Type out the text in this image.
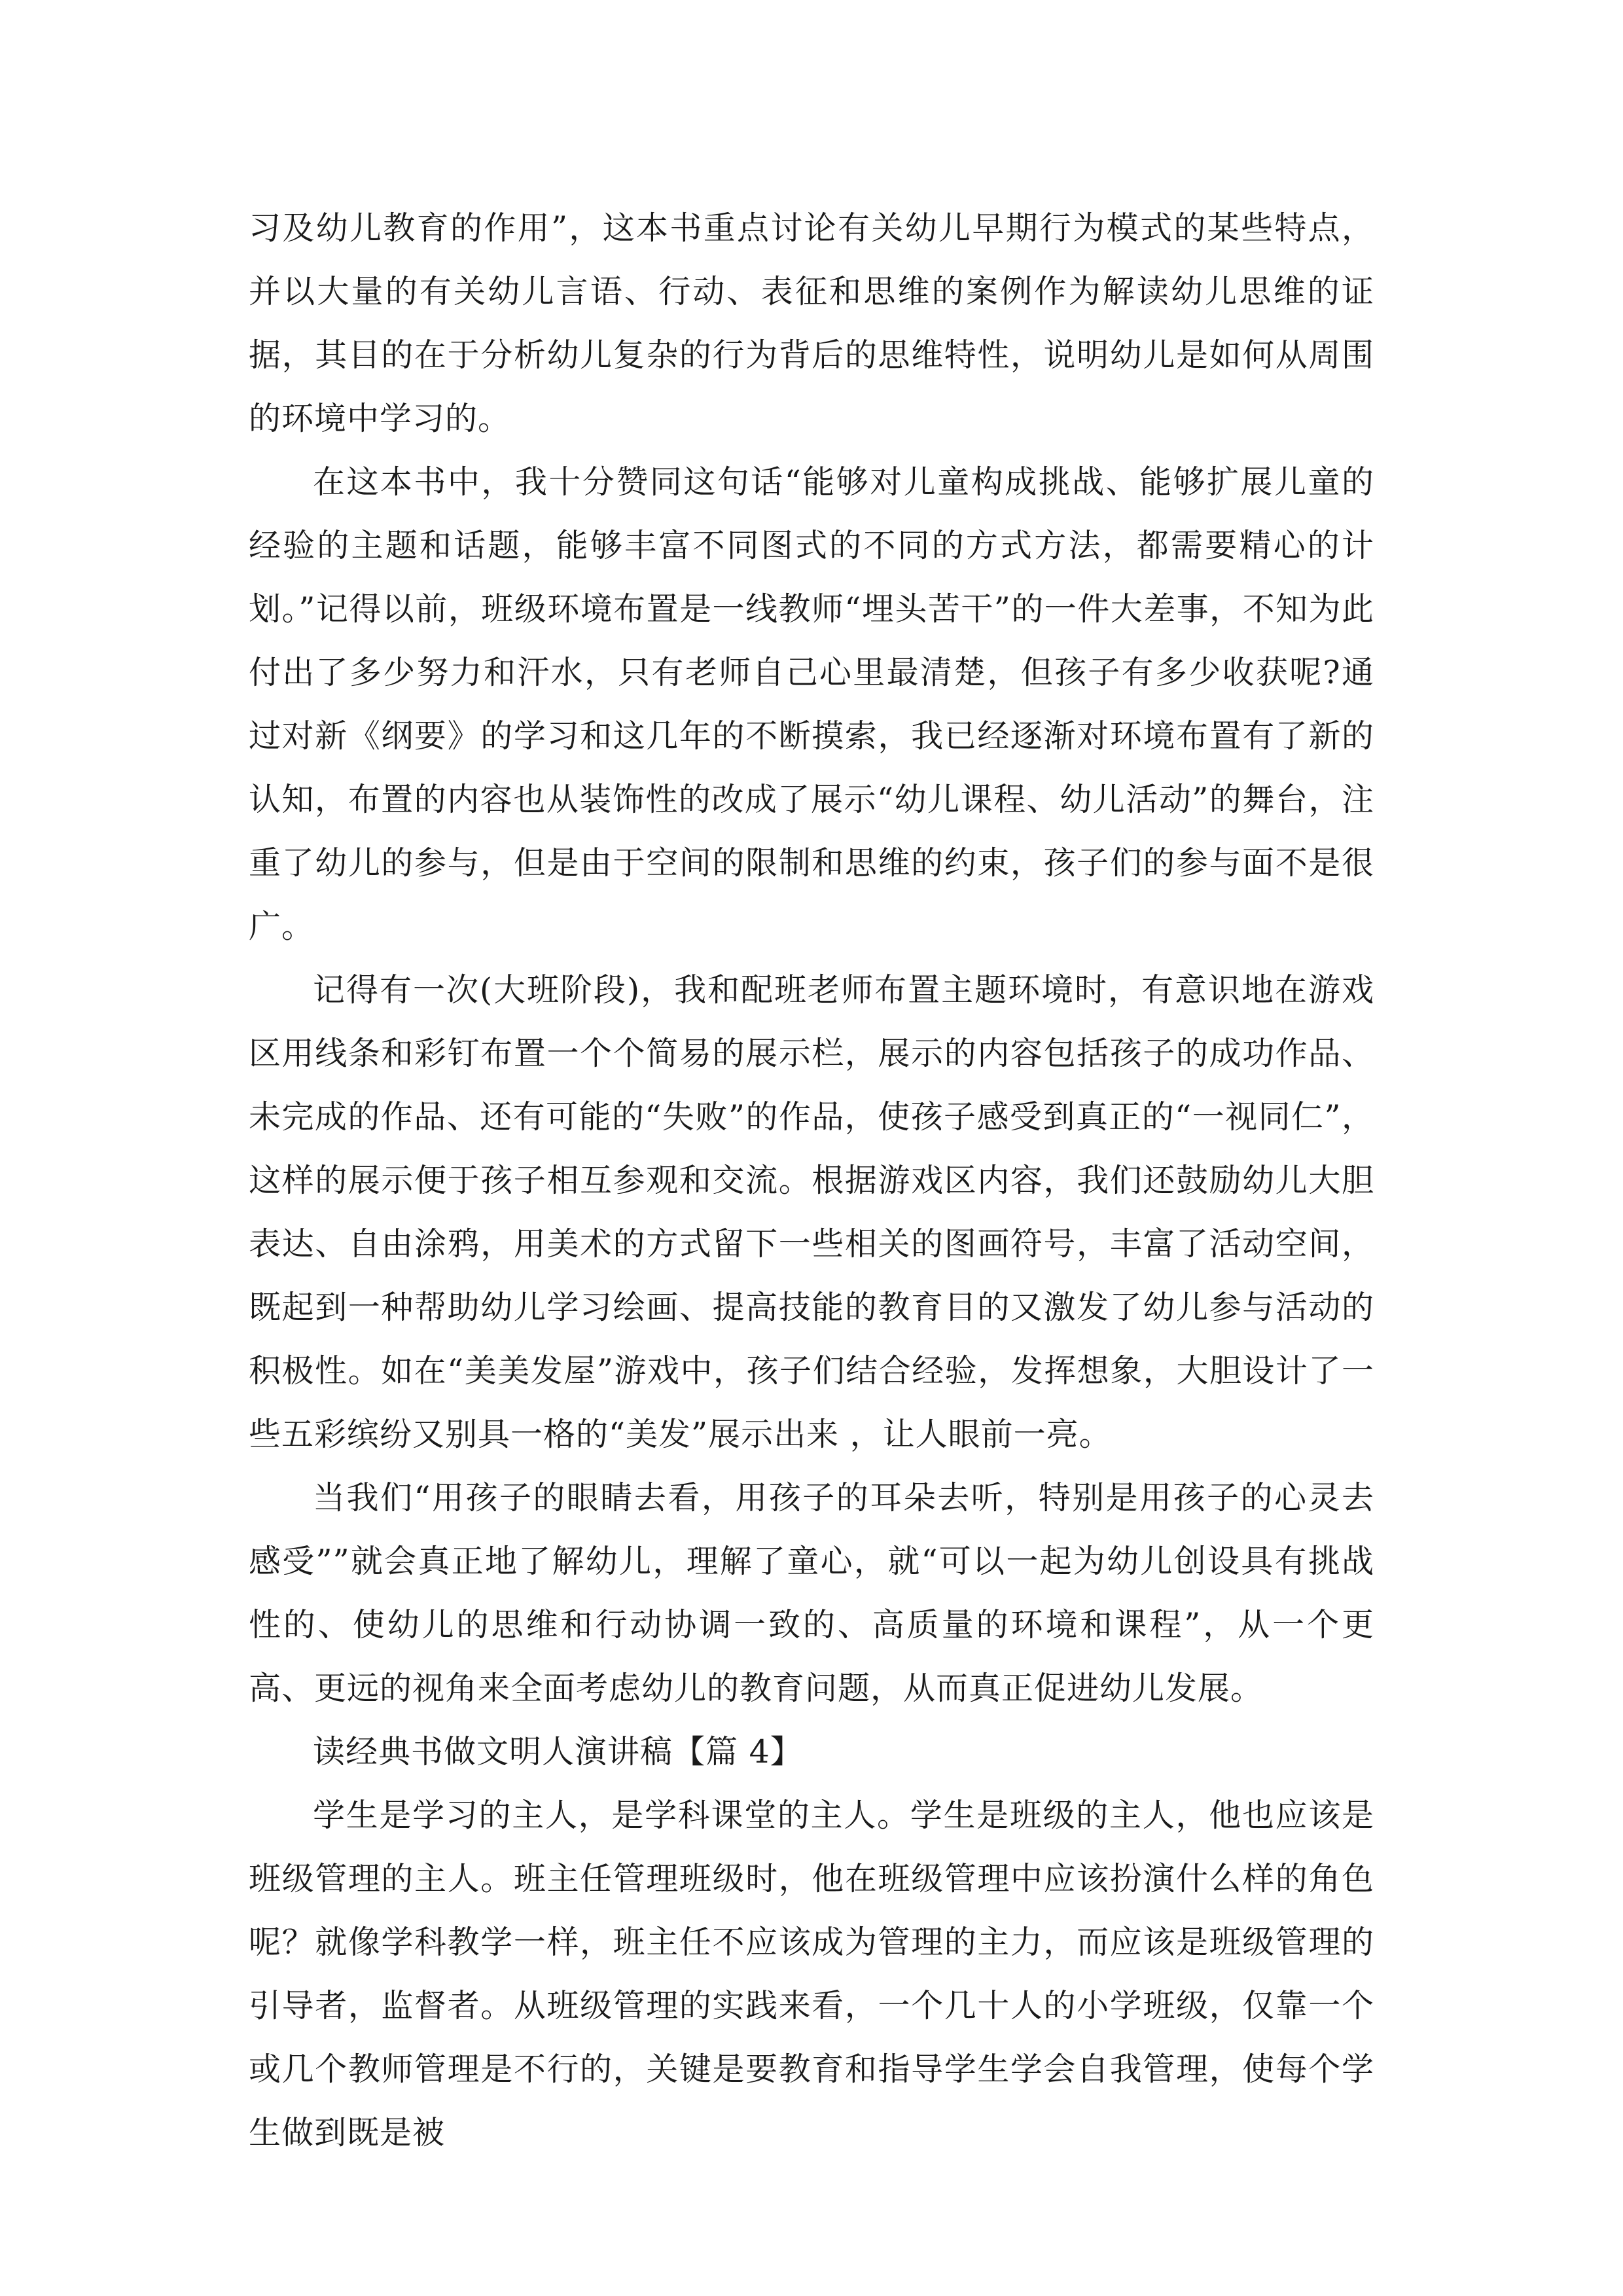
习及幼儿教育的作用”，这本书重点讨论有关幼儿早期行为模式的某些特点，并以大量的有关幼儿言语、行动、表征和思维的案例作为解读幼儿思维的证据，其目的在于分析幼儿复杂的行为背后的思维特性，说明幼儿是如何从周围的环境中学习的。

在这本书中，我十分赞同这句话“能够对儿童构成挑战、能够扩展儿童的经验的主题和话题，能够丰富不同图式的不同的方式方法，都需要精心的计划。”记得以前，班级环境布置是一线教师“埋头苦干”的一件大差事，不知为此付出了多少努力和汗水，只有老师自己心里最清楚，但孩子有多少收获呢?通过对新《纲要》的学习和这几年的不断摸索，我已经逐渐对环境布置有了新的认知，布置的内容也从装饰性的改成了展示“幼儿课程、幼儿活动”的舞台，注重了幼儿的参与，但是由于空间的限制和思维的约束，孩子们的参与面不是很广。

记得有一次(大班阶段)，我和配班老师布置主题环境时，有意识地在游戏区用线条和彩钉布置一个个简易的展示栏，展示的内容包括孩子的成功作品、未完成的作品、还有可能的“失败”的作品，使孩子感受到真正的“一视同仁”，这样的展示便于孩子相互参观和交流。根据游戏区内容，我们还鼓励幼儿大胆表达、自由涂鸦，用美术的方式留下一些相关的图画符号，丰富了活动空间，既起到一种帮助幼儿学习绘画、提高技能的教育目的又激发了幼儿参与活动的积极性。如在“美美发屋”游戏中，孩子们结合经验，发挥想象，大胆设计了一些五彩缤纷又别具一格的“美发”展示出来 ，让人眼前一亮。

当我们“用孩子的眼睛去看，用孩子的耳朵去听，特别是用孩子的心灵去感受””就会真正地了解幼儿，理解了童心，就“可以一起为幼儿创设具有挑战性的、使幼儿的思维和行动协调一致的、高质量的环境和课程”，从一个更高、更远的视角来全面考虑幼儿的教育问题，从而真正促进幼儿发展。

读经典书做文明人演讲稿【篇 4】

学生是学习的主人，是学科课堂的主人。学生是班级的主人，他也应该是班级管理的主人。班主任管理班级时，他在班级管理中应该扮演什么样的角色呢？就像学科教学一样，班主任不应该成为管理的主力，而应该是班级管理的引导者，监督者。从班级管理的实践来看，一个几十人的小学班级，仅靠一个或几个教师管理是不行的，关键是要教育和指导学生学会自我管理，使每个学生做到既是被
